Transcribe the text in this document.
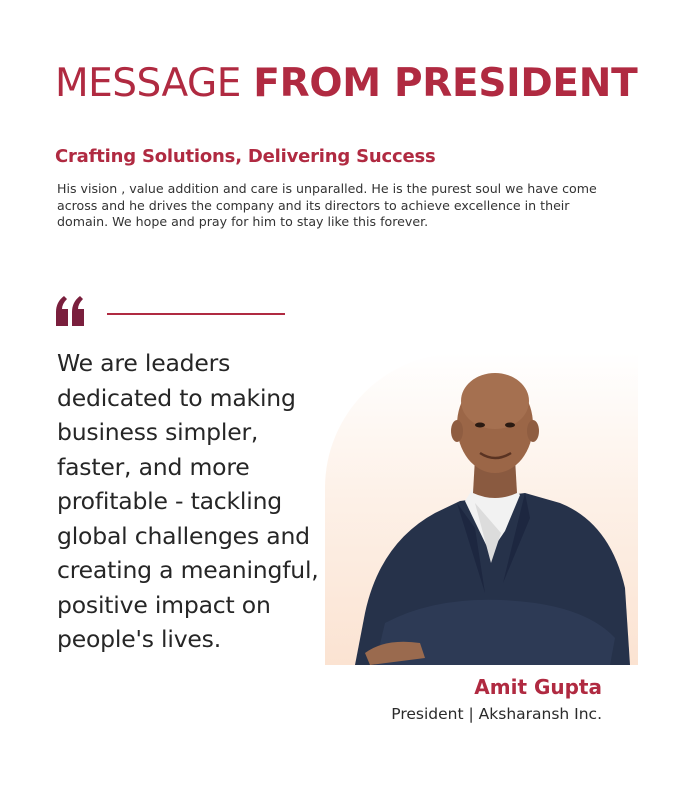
MESSAGE FROM PRESIDENT
Crafting Solutions, Delivering Success

His vision , value addition and care is unparalled. He is the purest soul we have come across and he drives the company and its directors to achieve excellence in their domain. We hope and pray for him to stay like this forever.

We are leaders dedicated to making business simpler, faster, and more profitable - tackling global challenges and creating a meaningful, positive impact on people's lives.

Amit Gupta
President | Aksharansh Inc.
